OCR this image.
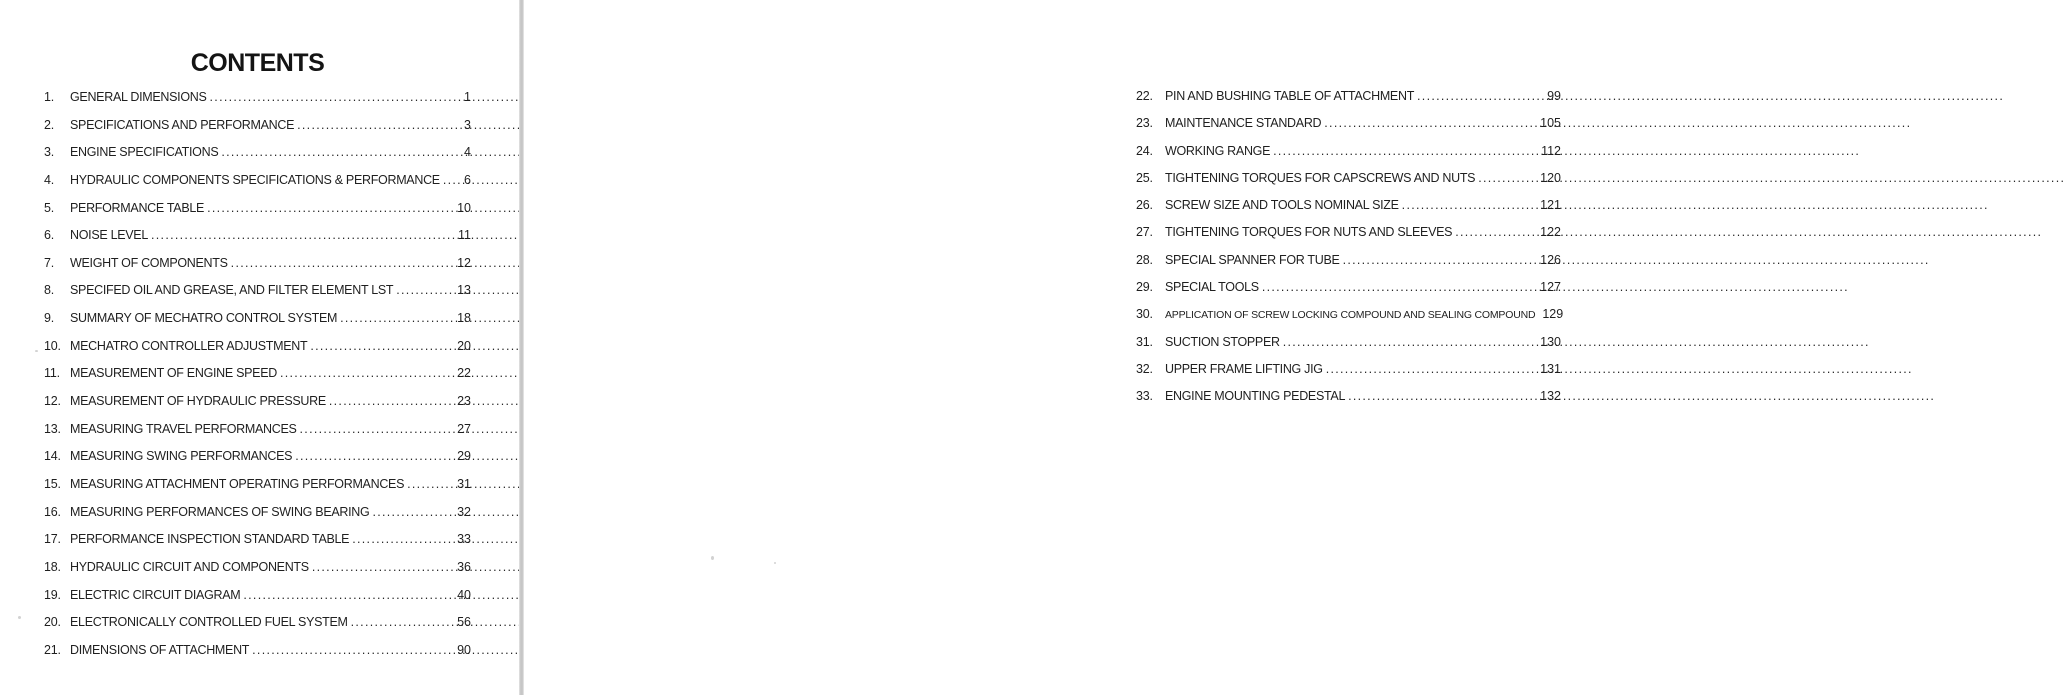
CONTENTS
1.	GENERAL DIMENSIONS .....	1
2.	SPECIFICATIONS AND PERFORMANCE .....	3
3.	ENGINE SPECIFICATIONS .....	4
4.	HYDRAULIC COMPONENTS SPECIFICATIONS & PERFORMANCE ..... 6
5.	PERFORMANCE TABLE .....	10
6.	NOISE LEVEL .....	11
7.	WEIGHT OF COMPONENTS .....	12
8.	SPECIFED OIL AND GREASE, AND FILTER ELEMENT LST .....	13
9.	SUMMARY OF MECHATRO CONTROL SYSTEM .....	18
10. MECHATRO CONTROLLER ADJUSTMENT .....	20
11. MEASUREMENT OF ENGINE SPEED .....	22
12. MEASUREMENT OF HYDRAULIC PRESSURE .....	23
13. MEASURING TRAVEL PERFORMANCES .....	27
14. MEASURING SWING PERFORMANCES .....	29
15. MEASURING ATTACHMENT OPERATING PERFORMANCES .....	31
16. MEASURING PERFORMANCES OF SWING BEARING .....	32
17. PERFORMANCE INSPECTION STANDARD TABLE .....	33
18. HYDRAULIC CIRCUIT AND COMPONENTS .....	36
19. ELECTRIC CIRCUIT DIAGRAM .....	40
20. ELECTRONICALLY CONTROLLED FUEL SYSTEM .....	56
21. DIMENSIONS OF ATTACHMENT .....	90
22. PIN AND BUSHING TABLE OF ATTACHMENT .....	99
23. MAINTENANCE STANDARD .....	105
24. WORKING RANGE .....	112
25. TIGHTENING TORQUES FOR CAPSCREWS AND NUTS .....	120
26. SCREW SIZE AND TOOLS NOMINAL SIZE .....	121
27. TIGHTENING TORQUES FOR NUTS AND SLEEVES .....	122
28. SPECIAL SPANNER FOR TUBE .....	126
29. SPECIAL TOOLS .....	127
30.	APPLICATION OF SCREW LOCKING COMPOUND AND SEALING COMPOUND 129
31. SUCTION STOPPER .....	130
32. UPPER FRAME LIFTING JIG .....	131
33. ENGINE MOUNTING PEDESTAL .....	132
